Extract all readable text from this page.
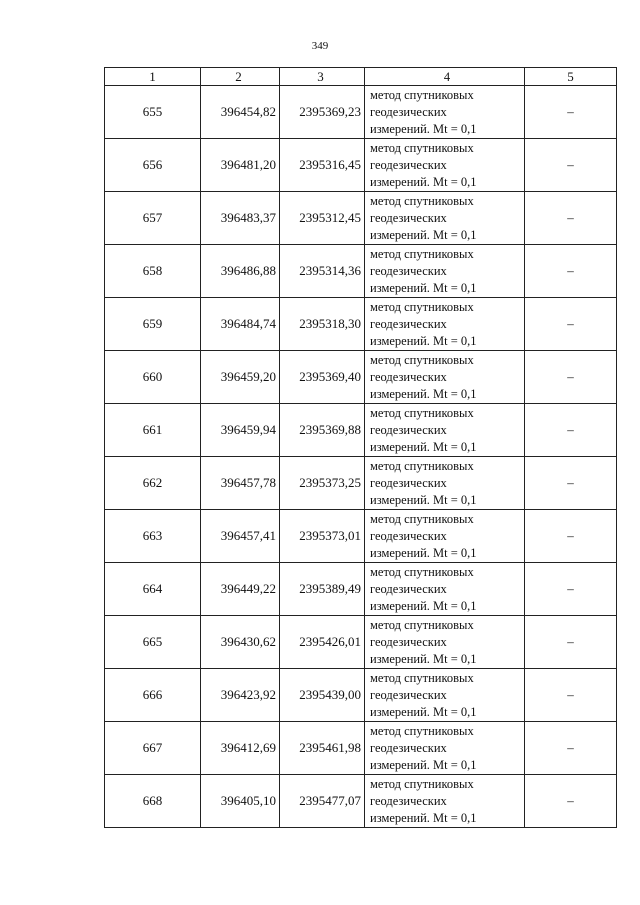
349
1	2	3	4	5
655	396454,82	2395369,23	метод спутниковых
геодезических
измерений. Mt = 0,1	–
656	396481,20	2395316,45	метод спутниковых
геодезических
измерений. Mt = 0,1	–
657	396483,37	2395312,45	метод спутниковых
геодезических
измерений. Mt = 0,1	–
658	396486,88	2395314,36	метод спутниковых
геодезических
измерений. Mt = 0,1	–
659	396484,74	2395318,30	метод спутниковых
геодезических
измерений. Mt = 0,1	–
660	396459,20	2395369,40	метод спутниковых
геодезических
измерений. Mt = 0,1	–
661	396459,94	2395369,88	метод спутниковых
геодезических
измерений. Mt = 0,1	–
662	396457,78	2395373,25	метод спутниковых
геодезических
измерений. Mt = 0,1	–
663	396457,41	2395373,01	метод спутниковых
геодезических
измерений. Mt = 0,1	–
664	396449,22	2395389,49	метод спутниковых
геодезических
измерений. Mt = 0,1	–
665	396430,62	2395426,01	метод спутниковых
геодезических
измерений. Mt = 0,1	–
666	396423,92	2395439,00	метод спутниковых
геодезических
измерений. Mt = 0,1	–
667	396412,69	2395461,98	метод спутниковых
геодезических
измерений. Mt = 0,1	–
668	396405,10	2395477,07	метод спутниковых
геодезических
измерений. Mt = 0,1	–
